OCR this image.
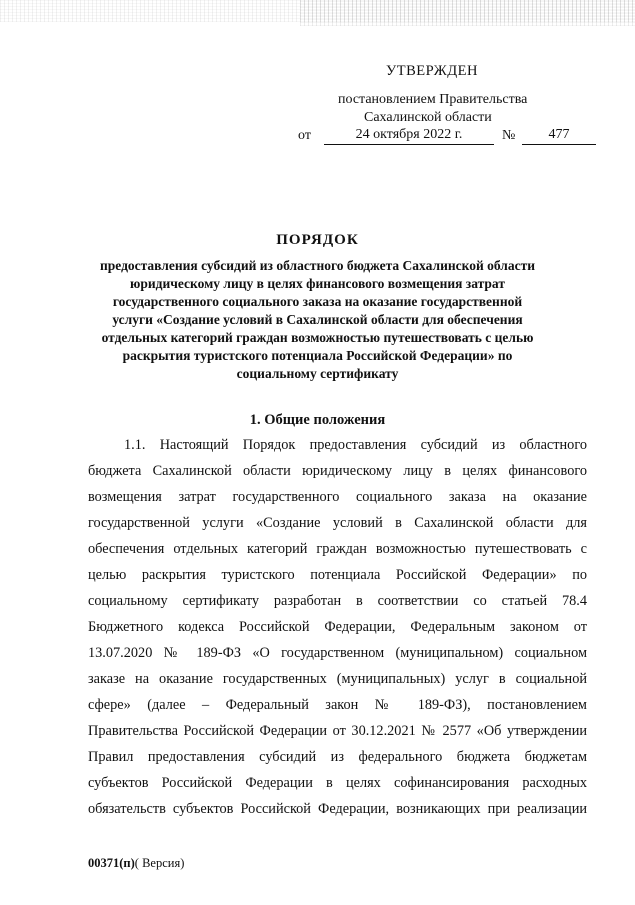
УТВЕРЖДЕН
постановлением Правительства
Сахалинской области
от	24 октября 2022 г.	№	477
ПОРЯДОК
предоставления субсидий из областного бюджета Сахалинской области
юридическому лицу в целях финансового возмещения затрат
государственного социального заказа на оказание государственной
услуги «Создание условий в Сахалинской области для обеспечения
отдельных категорий граждан возможностью путешествовать с целью
раскрытия туристского потенциала Российской Федерации» по
социальному сертификату
1. Общие положения
1.1. Настоящий Порядок предоставления субсидий из областного
бюджета Сахалинской области юридическому лицу в целях финансового
возмещения затрат государственного социального заказа на оказание
государственной услуги «Создание условий в Сахалинской области для
обеспечения отдельных категорий граждан возможностью путешествовать с
целью раскрытия туристского потенциала Российской Федерации» по
социальному сертификату разработан в соответствии со статьей 78.4
Бюджетного кодекса Российской Федерации, Федеральным законом от
13.07.2020 № 189-ФЗ «О государственном (муниципальном) социальном
заказе на оказание государственных (муниципальных) услуг в социальной
сфере» (далее – Федеральный закон № 189-ФЗ), постановлением
Правительства Российской Федерации от 30.12.2021 № 2577 «Об утверждении
Правил предоставления субсидий из федерального бюджета бюджетам
субъектов Российской Федерации в целях софинансирования расходных
обязательств субъектов Российской Федерации, возникающих при реализации
00371(п)( Версия)
